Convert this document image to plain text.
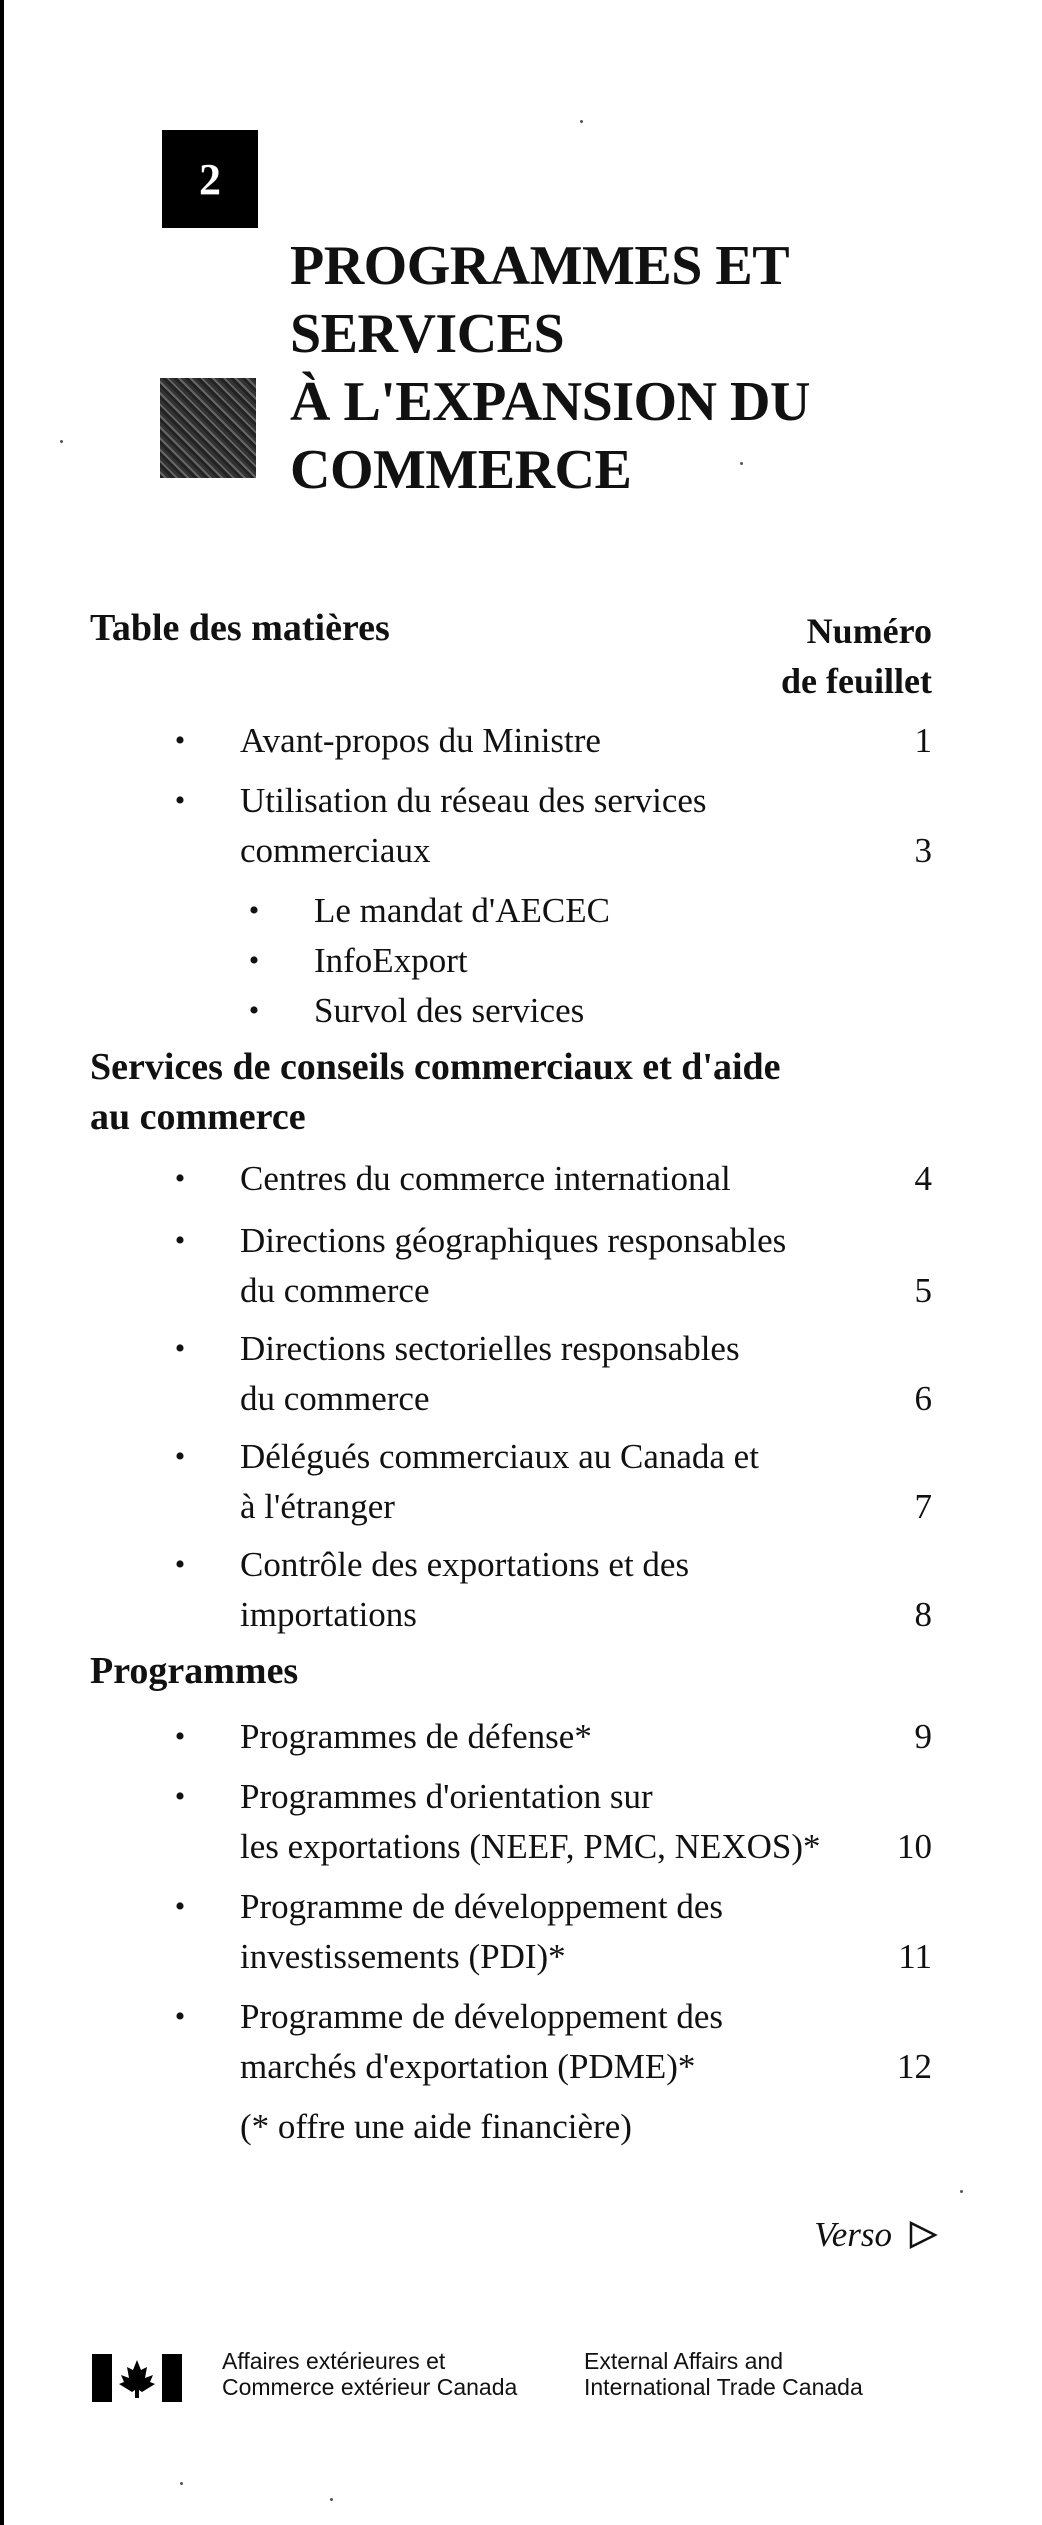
2
PROGRAMMES ET
SERVICES
À L'EXPANSION DU
COMMERCE
Table des matières	Numéro
de feuillet
• Avant-propos du Ministre	1
• Utilisation du réseau des services
commerciaux	3
• Le mandat d'AECEC
• InfoExport
• Survol des services
Services de conseils commerciaux et d'aide
au commerce
• Centres du commerce international	4
• Directions géographiques responsables
du commerce	5
• Directions sectorielles responsables
du commerce	6
• Délégués commerciaux au Canada et
à l'étranger	7
• Contrôle des exportations et des
importations	8
Programmes
• Programmes de défense*	9
• Programmes d'orientation sur
les exportations (NEEF, PMC, NEXOS)*	10
• Programme de développement des
investissements (PDI)*	11
• Programme de développement des
marchés d'exportation (PDME)*	12
(* offre une aide financière)
Verso
Affaires extérieures et
Commerce extérieur Canada
External Affairs and
International Trade Canada
